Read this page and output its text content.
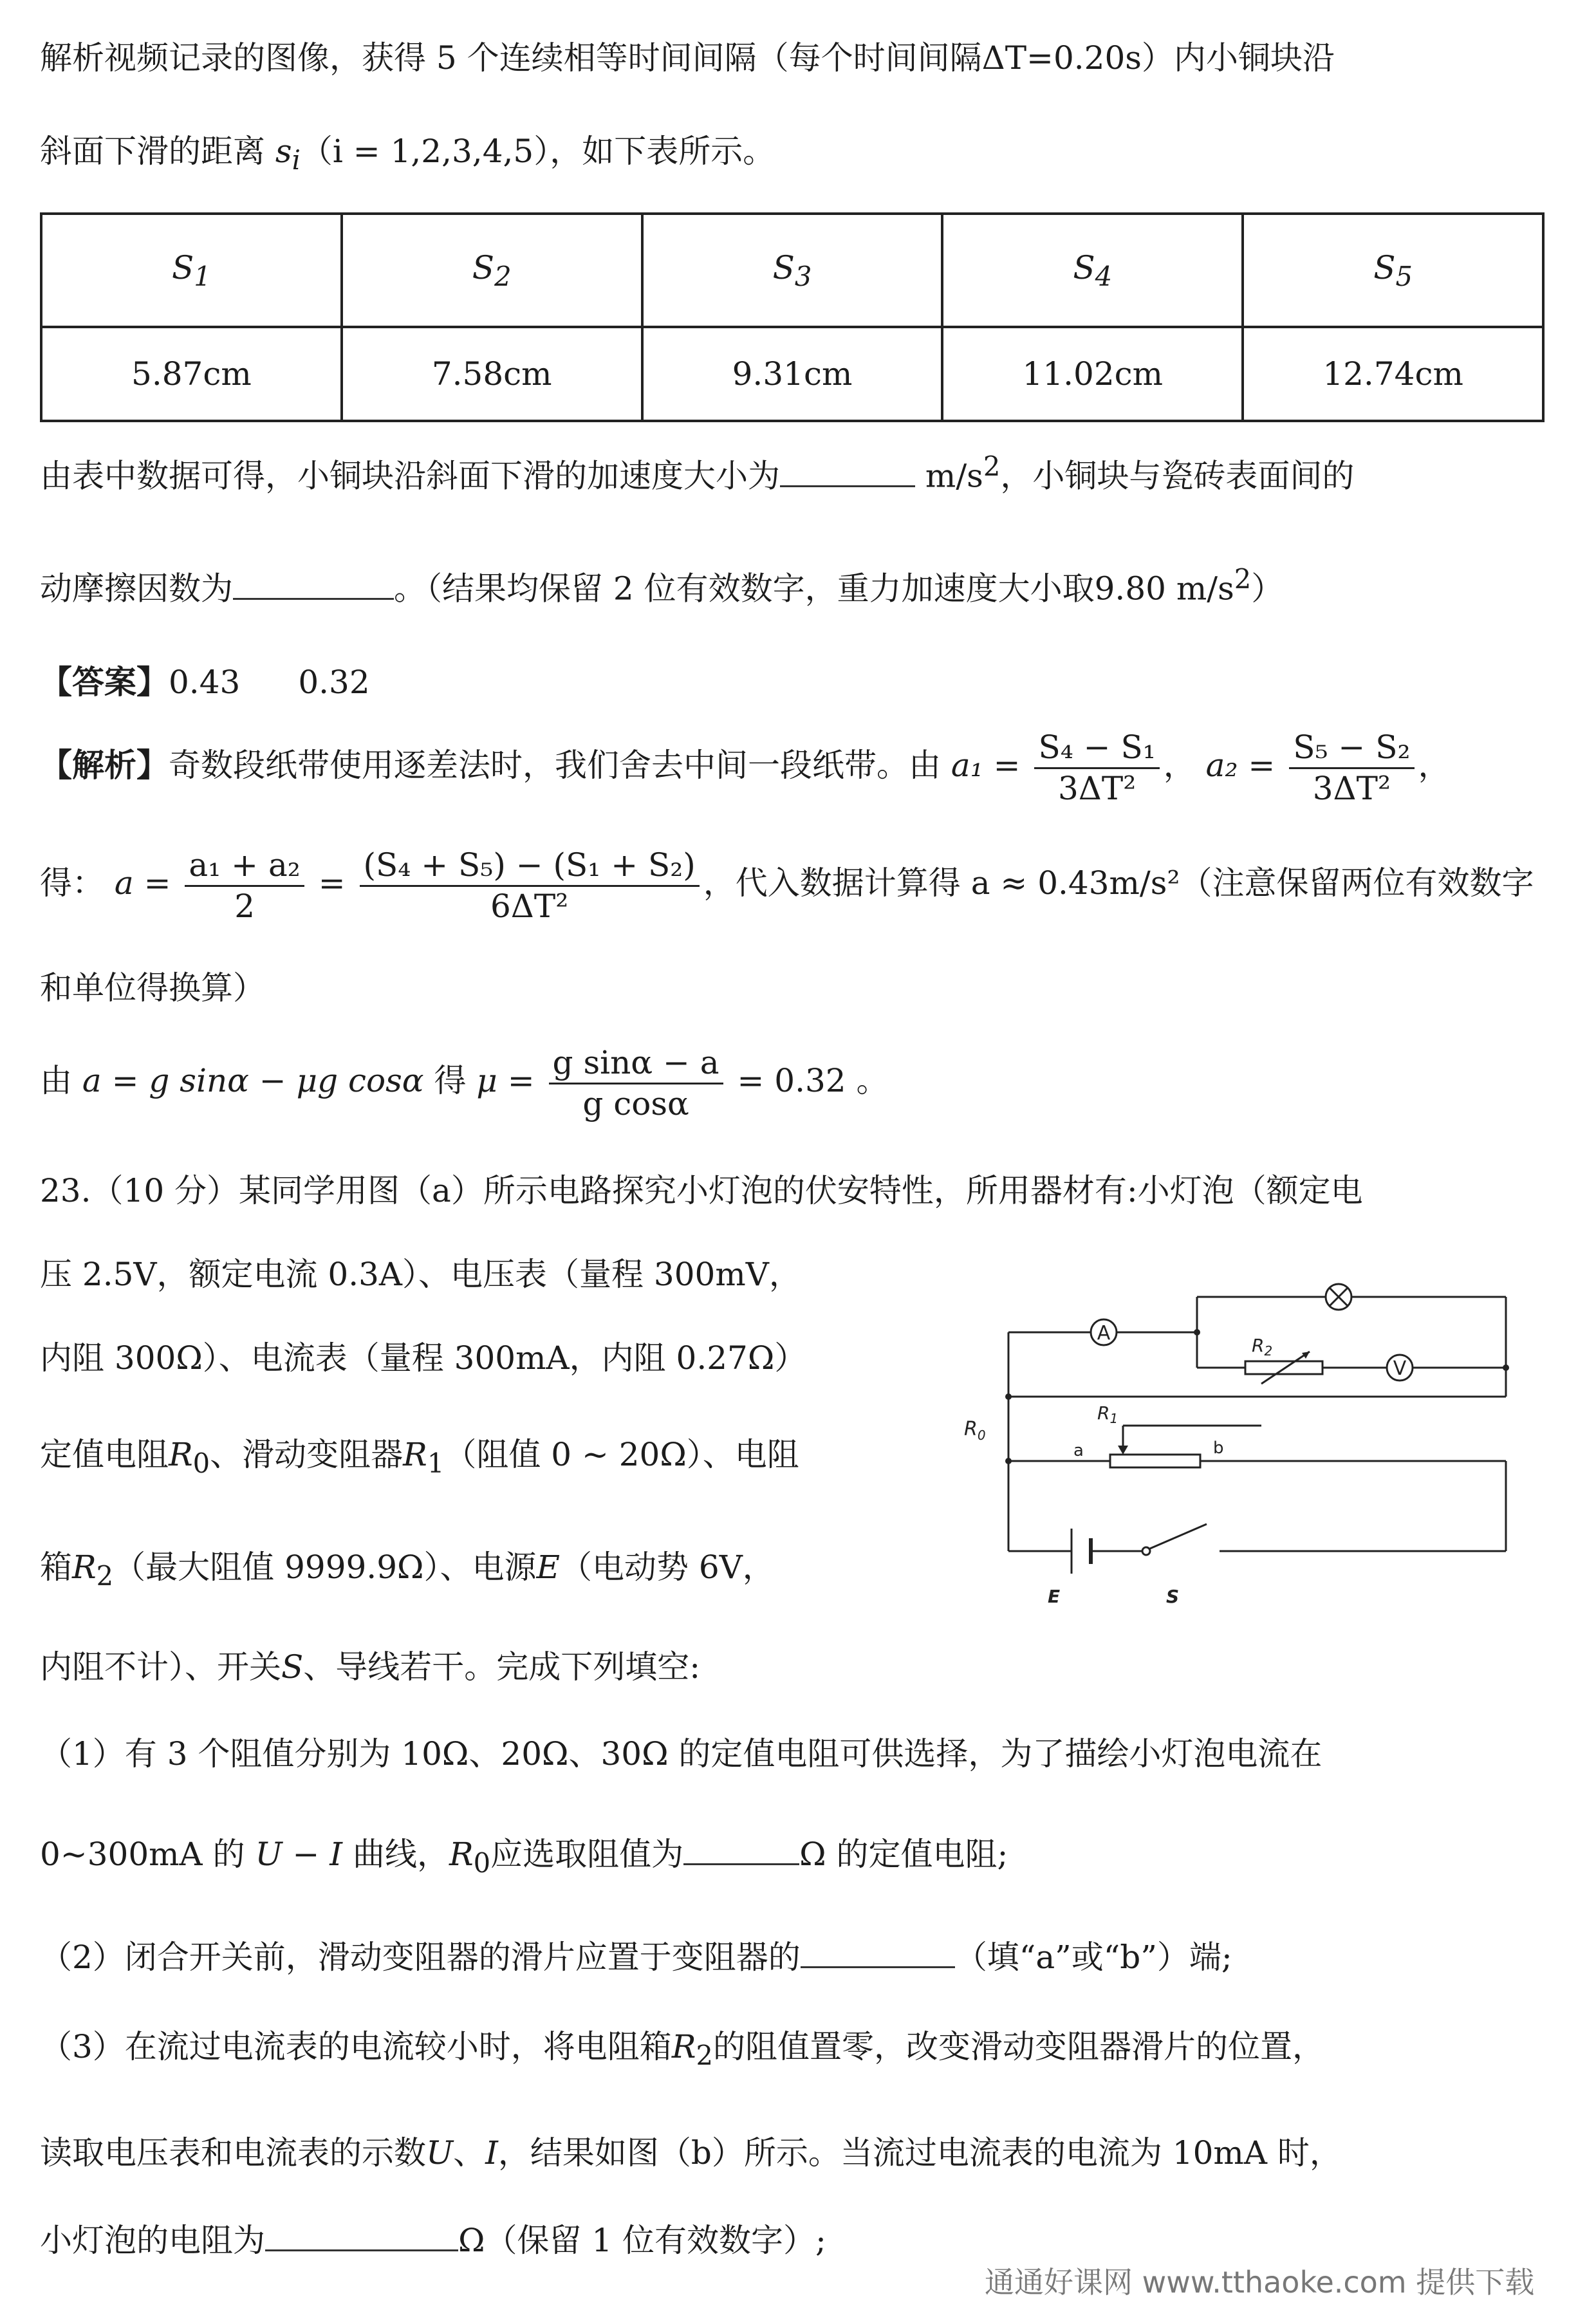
解析视频记录的图像，获得 5 个连续相等时间间隔（每个时间间隔ΔT=0.20s）内小铜块沿
斜面下滑的距离 $s_i(i = 1,2,3,4,5)$，如下表所示。
$S_1$	$S_2$	$S_3$	$S_4$	$S_5$
5.87cm	7.58cm	9.31cm	11.02cm	12.74cm
由表中数据可得，小铜块沿斜面下滑的加速度大小为	$m/s^2$，小铜块与瓷砖表面间的
动摩擦因数为	。（结果均保留 2 位有效数字，重力加速度大小取9.80 $m/s^2$）
【答案】0.43 0.32
【解析】奇数段纸带使用逐差法时，我们舍去中间一段纸带。由 $a_1 = \frac{\text{S₄ − S₁}}{\text{3ΔT²}}$ ， $a_2 = \frac{\text{S₅ − S₂}}{\text{3ΔT²}}$ ，
得： $a = \frac{\text{a₁ + a₂}}{2} = \frac{\text{(S₄ + S₅) − (S₁ + S₂)}}{\text{6ΔT²}}$ ，代入数据计算得 a ≈ 0.43m/s²（注意保留两位有效数字
和单位得换算）
由 a = g sinα − μg cosα 得 $\mu = \frac{\text{g sinα − a}}{\text{g cosα}} = 0.32$ 。
23.（10 分）某同学用图（a）所示电路探究小灯泡的伏安特性，所用器材有:小灯泡（额定电
压 2.5V，额定电流 0.3A）、电压表（量程 300mV，
内阻 300Ω）、电流表（量程 300mA，内阻 0.27Ω）
定值电阻$R_0$、滑动变阻器$R_1$（阻值 0 ~ 20Ω）、电阻
箱$R_2$（最大阻值 9999.9Ω）、电源E（电动势 6V，
内阻不计）、开关S、导线若干。完成下列填空:
（1）有 3 个阻值分别为 10Ω、20Ω、30Ω 的定值电阻可供选择，为了描绘小灯泡电流在
0~300mA 的 U − I 曲线，$R_0$应选取阻值为	Ω 的定值电阻;
（2）闭合开关前，滑动变阻器的滑片应置于变阻器的	（填“a”或“b”）端;
（3）在流过电流表的电流较小时，将电阻箱$R_2$的阻值置零，改变滑动变阻器滑片的位置，
读取电压表和电流表的示数U、I，结果如图（b）所示。当流过电流表的电流为 10mA 时，
小灯泡的电阻为	Ω（保留 1 位有效数字）;
A
$R_2$
V
$R_0$
$R_1$
a	b
E	S
通通好课网 www.tthaoke.com 提供下载
